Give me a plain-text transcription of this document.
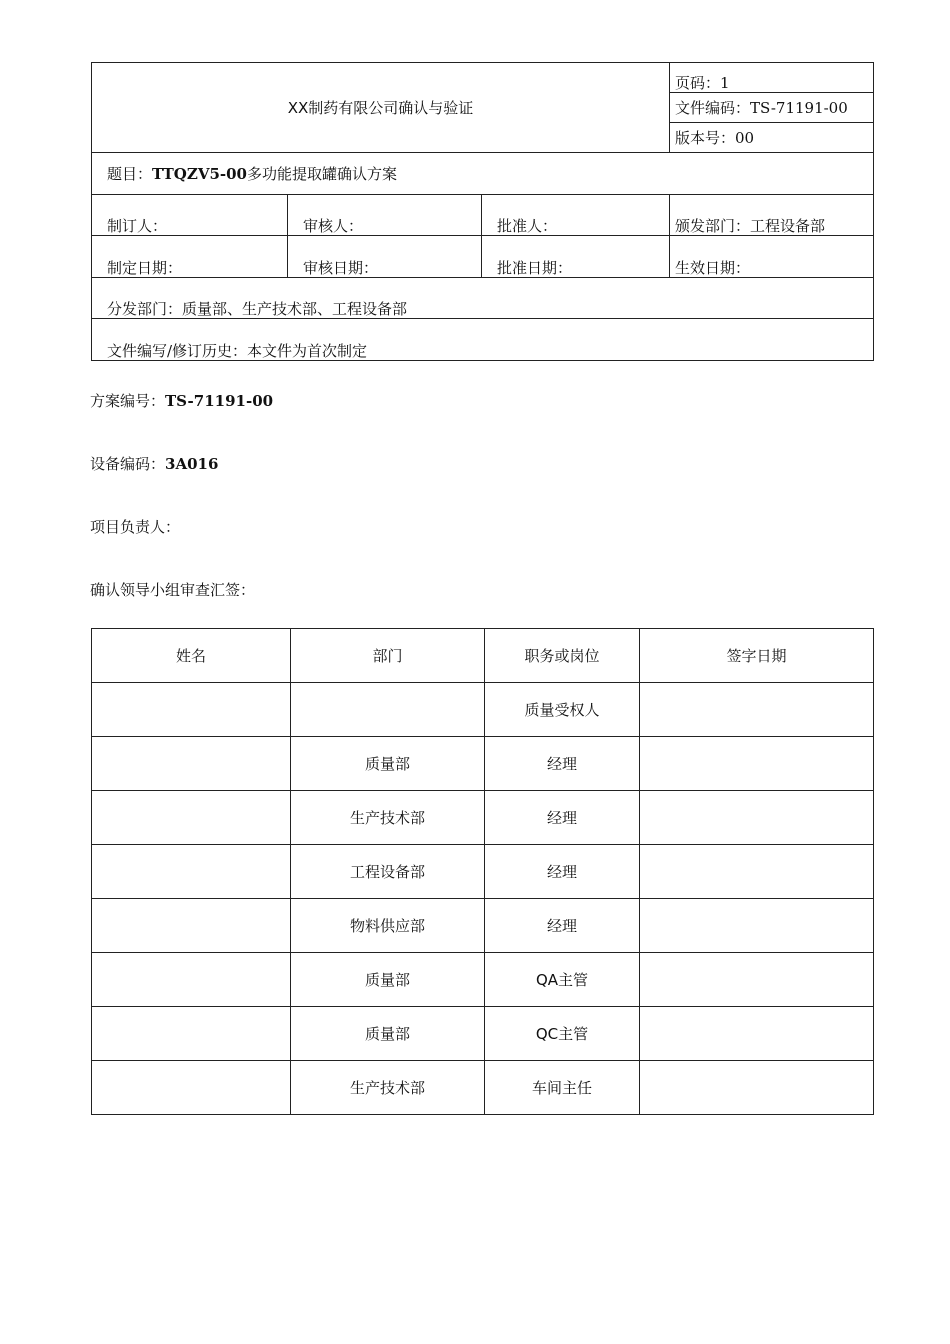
XX制药有限公司确认与验证			页码：1
			文件编码：TS-71191-00
			版本号：00
题目：TTQZV5-00多功能提取罐确认方案			
制订人：	审核人：	批准人：	颁发部门：工程设备部
制定日期：	审核日期：	批准日期：	生效日期：
分发部门：质量部、生产技术部、工程设备部			
文件编写/修订历史：本文件为首次制定			
方案编号：TS-71191-00
设备编码：3A016
项目负责人：
确认领导小组审查汇签：
姓名	部门	职务或岗位	签字日期
		质量受权人	
	质量部	经理	
	生产技术部	经理	
	工程设备部	经理	
	物料供应部	经理	
	质量部	QA主管	
	质量部	QC主管	
	生产技术部	车间主任	
